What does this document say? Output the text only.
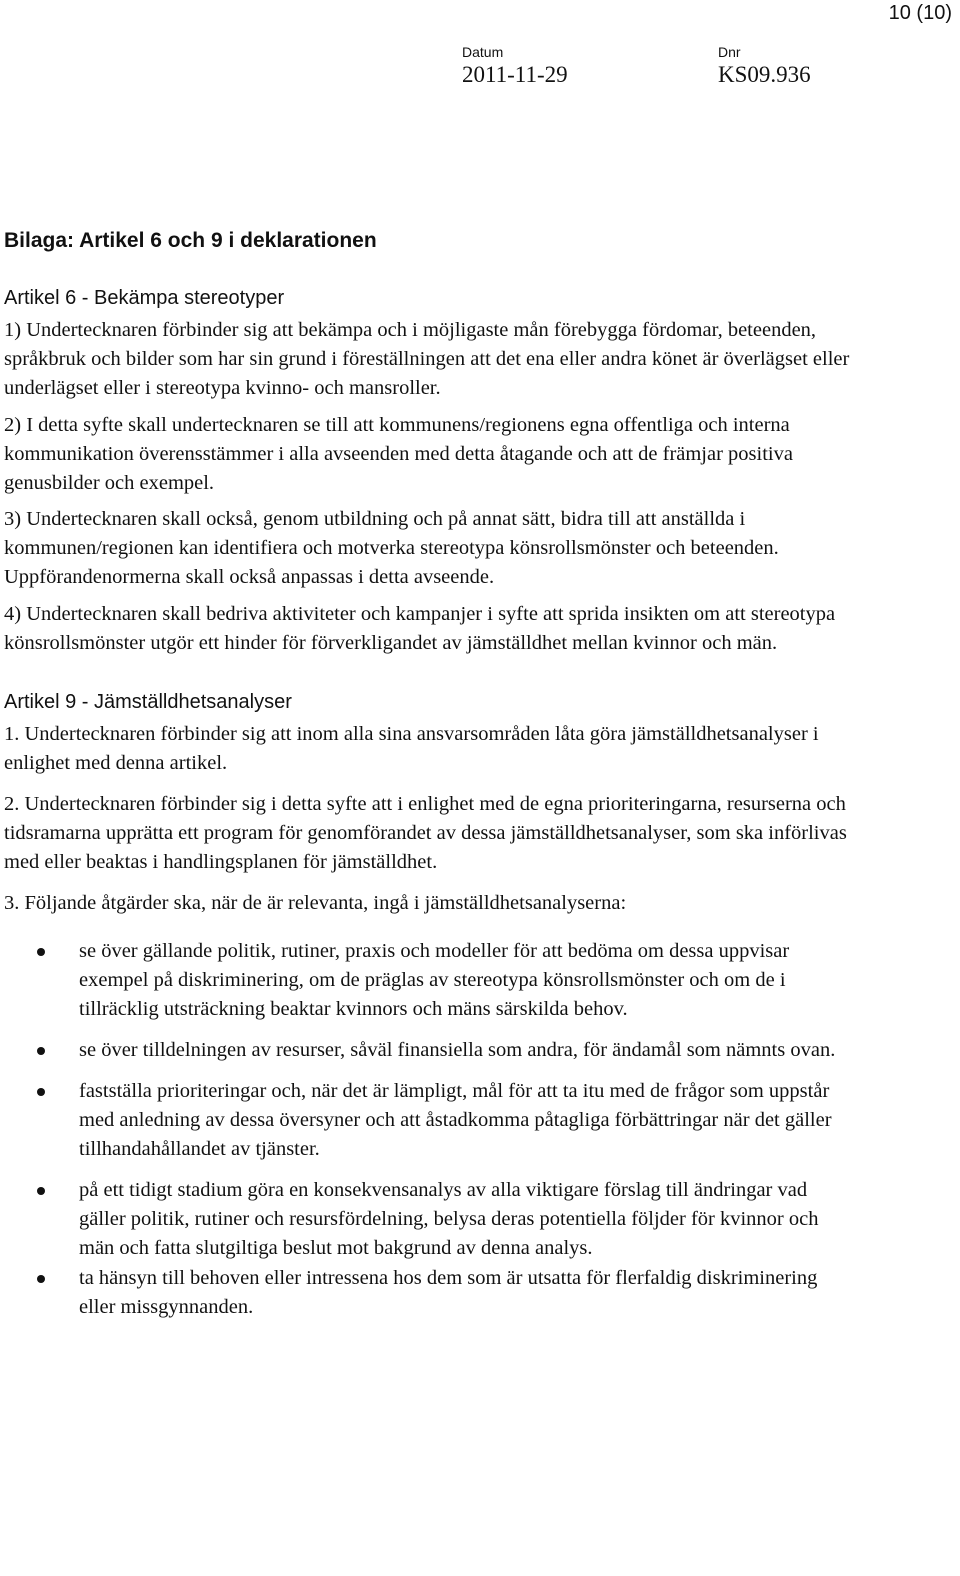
10 (10)
Datum
2011-11-29
Dnr
KS09.936
Bilaga: Artikel 6 och 9 i deklarationen
Artikel 6 - Bekämpa stereotyper

1) Undertecknaren förbinder sig att bekämpa och i möjligaste mån förebygga fördomar, beteenden, språkbruk och bilder som har sin grund i föreställningen att det ena eller andra könet är överlägset eller underlägset eller i stereotypa kvinno- och mansroller.

2) I detta syfte skall undertecknaren se till att kommunens/regionens egna offentliga och interna kommunikation överensstämmer i alla avseenden med detta åtagande och att de främjar positiva genusbilder och exempel.

3) Undertecknaren skall också, genom utbildning och på annat sätt, bidra till att anställda i kommunen/regionen kan identifiera och motverka stereotypa könsrollsmönster och beteenden. Uppförandenormerna skall också anpassas i detta avseende.

4) Undertecknaren skall bedriva aktiviteter och kampanjer i syfte att sprida insikten om att stereotypa könsrollsmönster utgör ett hinder för förverkligandet av jämställdhet mellan kvinnor och män.

Artikel 9 - Jämställdhetsanalyser

1. Undertecknaren förbinder sig att inom alla sina ansvarsområden låta göra jämställdhetsanalyser i enlighet med denna artikel.

2. Undertecknaren förbinder sig i detta syfte att i enlighet med de egna prioriteringarna, resurserna och tidsramarna upprätta ett program för genomförandet av dessa jämställdhetsanalyser, som ska införlivas med eller beaktas i handlingsplanen för jämställdhet.

3. Följande åtgärder ska, när de är relevanta, ingå i jämställdhetsanalyserna:

se över gällande politik, rutiner, praxis och modeller för att bedöma om dessa uppvisar exempel på diskriminering, om de präglas av stereotypa könsrollsmönster och om de i tillräcklig utsträckning beaktar kvinnors och mäns särskilda behov.
se över tilldelningen av resurser, såväl finansiella som andra, för ändamål som nämnts ovan.
fastställa prioriteringar och, när det är lämpligt, mål för att ta itu med de frågor som uppstår med anledning av dessa översyner och att åstadkomma påtagliga förbättringar när det gäller tillhandahållandet av tjänster.
på ett tidigt stadium göra en konsekvensanalys av alla viktigare förslag till ändringar vad gäller politik, rutiner och resursfördelning, belysa deras potentiella följder för kvinnor och män och fatta slutgiltiga beslut mot bakgrund av denna analys.
ta hänsyn till behoven eller intressena hos dem som är utsatta för flerfaldig diskriminering eller missgynnanden.
